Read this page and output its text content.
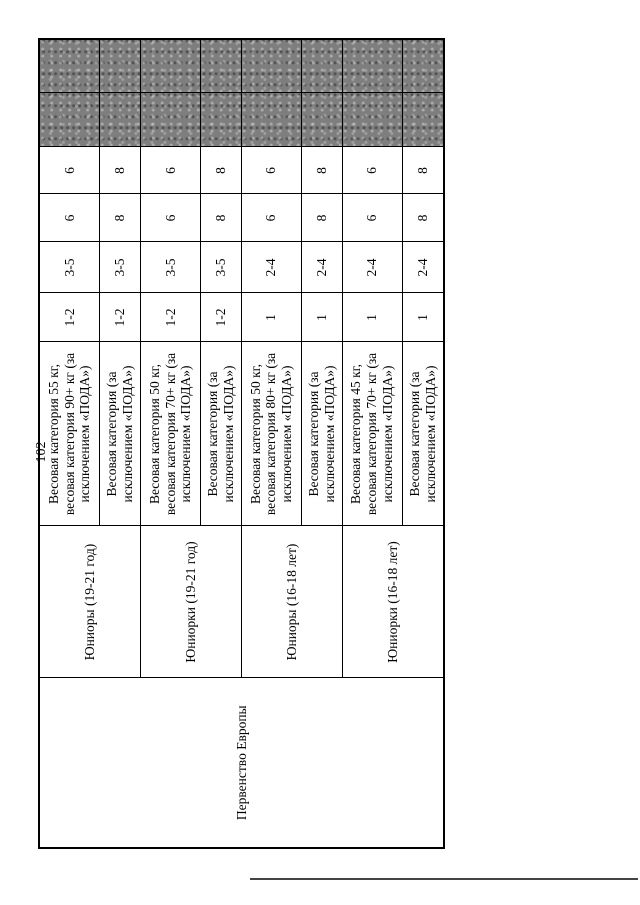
102
Первенство Европы	Юниоры (19-21 год)	Весовая категория 55 кг, весовая категория 90+ кг (за исключением «ПОДА»)	1-2	3-5	6	6		
		Весовая категория (за исключением «ПОДА»)	1-2	3-5	8	8		
	Юниорки (19-21 год)	Весовая категория 50 кг, весовая категория 70+ кг (за исключением «ПОДА»)	1-2	3-5	6	6		
		Весовая категория (за исключением «ПОДА»)	1-2	3-5	8	8		
	Юниоры (16-18 лет)	Весовая категория 50 кг, весовая категория 80+ кг (за исключением «ПОДА»)	1	2-4	6	6		
		Весовая категория (за исключением «ПОДА»)	1	2-4	8	8		
	Юниорки (16-18 лет)	Весовая категория 45 кг, весовая категория 70+ кг (за исключением «ПОДА»)	1	2-4	6	6		
		Весовая категория (за исключением «ПОДА»)	1	2-4	8	8		
